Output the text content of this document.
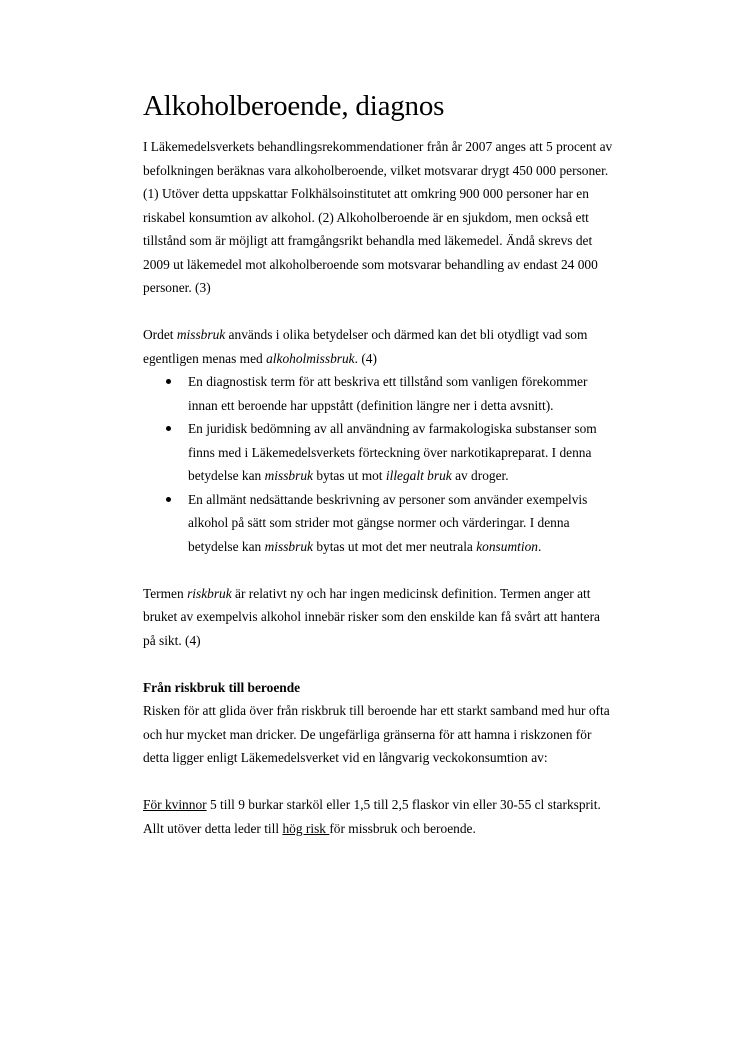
Alkoholberoende, diagnos

I Läkemedelsverkets behandlingsrekommendationer från år 2007 anges att 5 procent av befolkningen beräknas vara alkoholberoende, vilket motsvarar drygt 450 000 personer. (1) Utöver detta uppskattar Folkhälsoinstitutet att omkring 900 000 personer har en riskabel konsumtion av alkohol. (2) Alkoholberoende är en sjukdom, men också ett tillstånd som är möjligt att framgångsrikt behandla med läkemedel. Ändå skrevs det 2009 ut läkemedel mot alkoholberoende som motsvarar behandling av endast 24 000 personer. (3)

Ordet missbruk används i olika betydelser och därmed kan det bli otydligt vad som egentligen menas med alkoholmissbruk. (4)

En diagnostisk term för att beskriva ett tillstånd som vanligen förekommer innan ett beroende har uppstått (definition längre ner i detta avsnitt).
En juridisk bedömning av all användning av farmakologiska substanser som finns med i Läkemedelsverkets förteckning över narkotikapreparat. I denna betydelse kan missbruk bytas ut mot illegalt bruk av droger.
En allmänt nedsättande beskrivning av personer som använder exempelvis alkohol på sätt som strider mot gängse normer och värderingar. I denna betydelse kan missbruk bytas ut mot det mer neutrala konsumtion.

Termen riskbruk är relativt ny och har ingen medicinsk definition. Termen anger att bruket av exempelvis alkohol innebär risker som den enskilde kan få svårt att hantera på sikt. (4)

Från riskbruk till beroende

Risken för att glida över från riskbruk till beroende har ett starkt samband med hur ofta och hur mycket man dricker. De ungefärliga gränserna för att hamna i riskzonen för detta ligger enligt Läkemedelsverket vid en långvarig veckokonsumtion av:

För kvinnor 5 till 9 burkar starköl eller 1,5 till 2,5 flaskor vin eller 30-55 cl starksprit. Allt utöver detta leder till hög risk för missbruk och beroende.
